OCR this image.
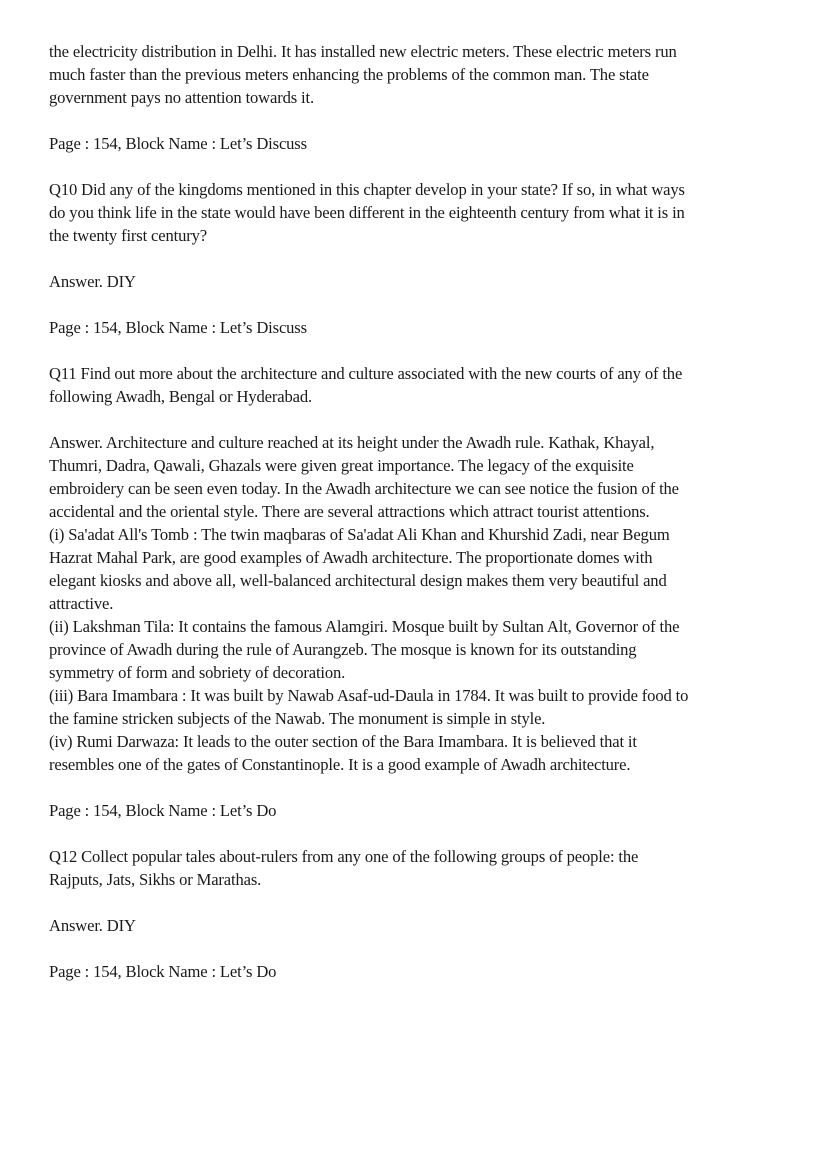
the electricity distribution in Delhi. It has installed new electric meters. These electric meters run
much faster than the previous meters enhancing the problems of the common man. The state
government pays no attention towards it.

Page : 154, Block Name : Let’s Discuss

Q10 Did any of the kingdoms mentioned in this chapter develop in your state? If so, in what ways
do you think life in the state would have been different in the eighteenth century from what it is in
the twenty first century?

Answer. DIY

Page : 154, Block Name : Let’s Discuss

Q11 Find out more about the architecture and culture associated with the new courts of any of the
following Awadh, Bengal or Hyderabad.

Answer. Architecture and culture reached at its height under the Awadh rule. Kathak, Khayal,
Thumri, Dadra, Qawali, Ghazals were given great importance. The legacy of the exquisite
embroidery can be seen even today. In the Awadh architecture we can see notice the fusion of the
accidental and the oriental style. There are several attractions which attract tourist attentions.
(i) Sa'adat All's Tomb : The twin maqbaras of Sa'adat Ali Khan and Khurshid Zadi, near Begum
Hazrat Mahal Park, are good examples of Awadh architecture. The proportionate domes with
elegant kiosks and above all, well-balanced architectural design makes them very beautiful and
attractive.
(ii) Lakshman Tila: It contains the famous Alamgiri. Mosque built by Sultan Alt, Governor of the
province of Awadh during the rule of Aurangzeb. The mosque is known for its outstanding
symmetry of form and sobriety of decoration.
(iii) Bara Imambara : It was built by Nawab Asaf-ud-Daula in 1784. It was built to provide food to
the famine stricken subjects of the Nawab. The monument is simple in style.
(iv) Rumi Darwaza: It leads to the outer section of the Bara Imambara. It is believed that it
resembles one of the gates of Constantinople. It is a good example of Awadh architecture.

Page : 154, Block Name : Let’s Do

Q12 Collect popular tales about-rulers from any one of the following groups of people: the
Rajputs, Jats, Sikhs or Marathas.

Answer. DIY

Page : 154, Block Name : Let’s Do
